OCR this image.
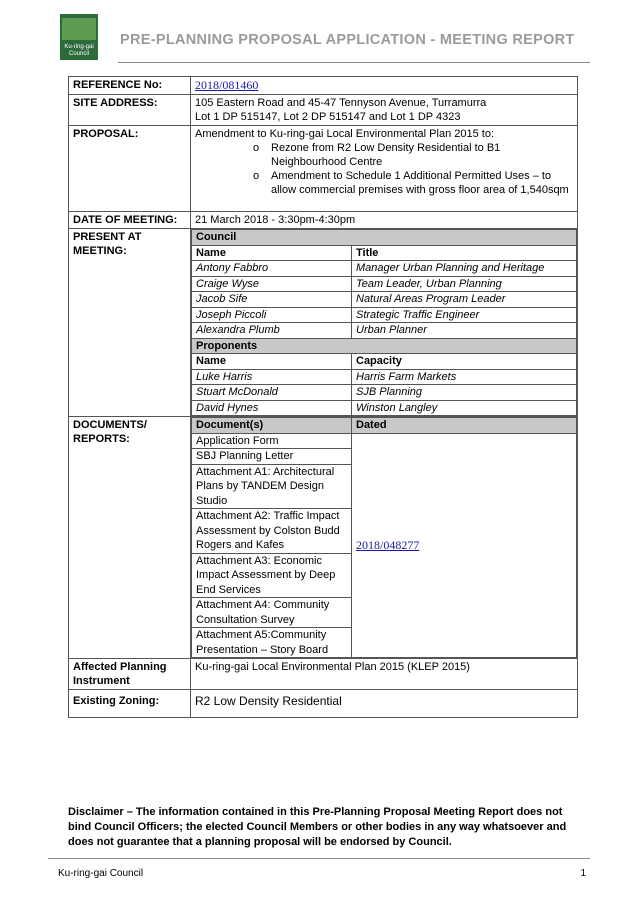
Ku-ring-gai Council
PRE-PLANNING PROPOSAL APPLICATION - MEETING REPORT
REFERENCE No:	2018/081460
SITE ADDRESS:	105 Eastern Road and 45-47 Tennyson Avenue, Turramurra
Lot 1 DP 515147, Lot 2 DP 515147 and Lot 1 DP 4323

PROPOSAL:	Amendment to Ku-ring-gai Local Environmental Plan 2015 to:
o Rezone from R2 Low Density Residential to B1 Neighbourhood Centre
o Amendment to Schedule 1 Additional Permitted Uses – to allow commercial premises with gross floor area of 1,540sqm

DATE OF MEETING:	21 March 2018 - 3:30pm-4:30pm

PRESENT AT
MEETING:

Council
Name	Title
Antony Fabbro	Manager Urban Planning and Heritage
Craige Wyse	Team Leader, Urban Planning
Jacob Sife	Natural Areas Program Leader
Joseph Piccoli	Strategic Traffic Engineer
Alexandra Plumb	Urban Planner
Proponents
Name	Capacity
Luke Harris	Harris Farm Markets
Stuart McDonald	SJB Planning
David Hynes	Winston Langley

DOCUMENTS/
REPORTS:

Document(s)	Dated
Application Form	2018/048277
SBJ Planning Letter
Attachment A1: Architectural Plans by TANDEM Design Studio
Attachment A2: Traffic Impact Assessment by Colston Budd Rogers and Kafes
Attachment A3: Economic Impact Assessment by Deep End Services
Attachment A4: Community Consultation Survey
Attachment A5:Community Presentation – Story Board

Affected Planning Instrument	Ku-ring-gai Local Environmental Plan 2015 (KLEP 2015)
Existing Zoning:	R2 Low Density Residential
Disclaimer – The information contained in this Pre-Planning Proposal Meeting Report does not bind Council Officers; the elected Council Members or other bodies in any way whatsoever and does not guarantee that a planning proposal will be endorsed by Council.
Ku-ring-gai Council	1
